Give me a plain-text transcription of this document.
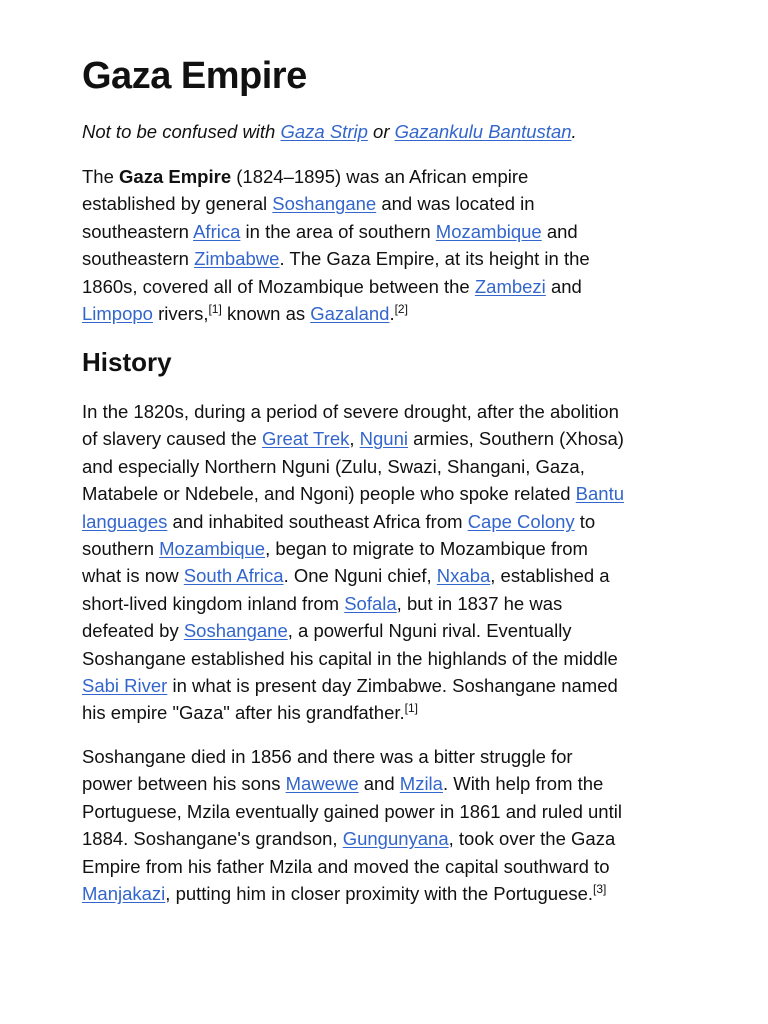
Gaza Empire

Not to be confused with Gaza Strip or Gazankulu Bantustan.

The Gaza Empire (1824–1895) was an African empire
established by general Soshangane and was located in
southeastern Africa in the area of southern Mozambique and
southeastern Zimbabwe. The Gaza Empire, at its height in the
1860s, covered all of Mozambique between the Zambezi and
Limpopo rivers,[1] known as Gazaland.[2]
History
In the 1820s, during a period of severe drought, after the abolition
of slavery caused the Great Trek, Nguni armies, Southern (Xhosa)
and especially Northern Nguni (Zulu, Swazi, Shangani, Gaza,
Matabele or Ndebele, and Ngoni) people who spoke related Bantu
languages and inhabited southeast Africa from Cape Colony to
southern Mozambique, began to migrate to Mozambique from
what is now South Africa. One Nguni chief, Nxaba, established a
short-lived kingdom inland from Sofala, but in 1837 he was
defeated by Soshangane, a powerful Nguni rival. Eventually
Soshangane established his capital in the highlands of the middle
Sabi River in what is present day Zimbabwe. Soshangane named
his empire "Gaza" after his grandfather.[1]
Soshangane died in 1856 and there was a bitter struggle for
power between his sons Mawewe and Mzila. With help from the
Portuguese, Mzila eventually gained power in 1861 and ruled until
1884. Soshangane's grandson, Gungunyana, took over the Gaza
Empire from his father Mzila and moved the capital southward to
Manjakazi, putting him in closer proximity with the Portuguese.[3]
